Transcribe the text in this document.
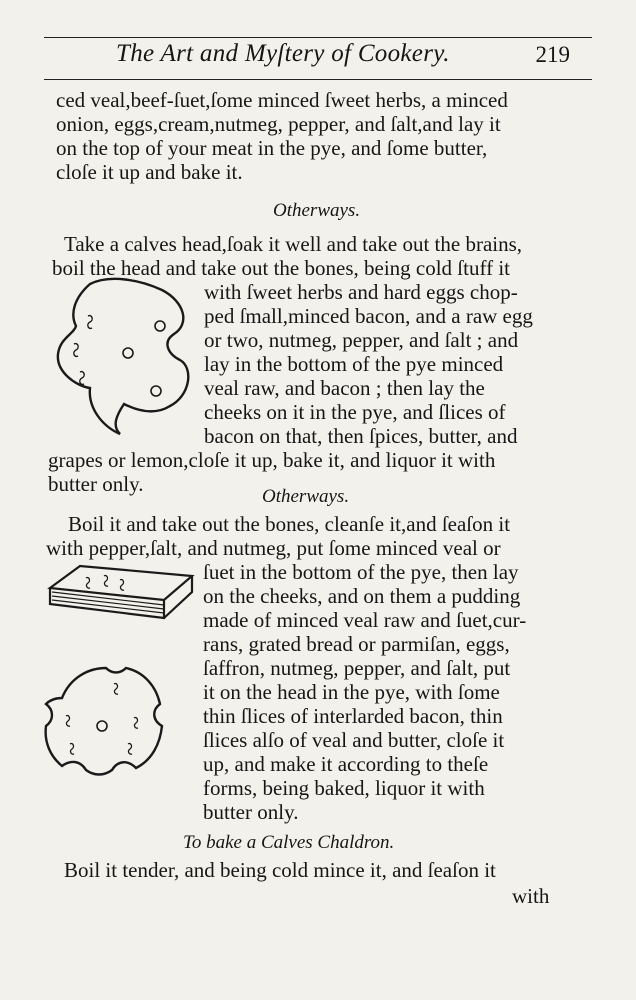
The Art and Myſtery of Cookery.	219
ced veal,beef-ſuet,ſome minced ſweet herbs, a minced
onion, eggs,cream,nutmeg, pepper, and ſalt,and lay it
on the top of your meat in the pye, and ſome butter,
cloſe it up and bake it.
Otherways.
Take a calves head,ſoak it well and take out the brains,
boil the head and take out the bones, being cold ſtuff it
with ſweet herbs and hard eggs chop-
ped ſmall,minced bacon, and a raw egg
or two, nutmeg, pepper, and ſalt ; and
lay in the bottom of the pye minced
veal raw, and bacon ; then lay the
cheeks on it in the pye, and ſlices of
bacon on that, then ſpices, butter, and
grapes or lemon,cloſe it up, bake it, and liquor it with
butter only.
Otherways.
Boil it and take out the bones, cleanſe it,and ſeaſon it
with pepper,ſalt, and nutmeg, put ſome minced veal or
ſuet in the bottom of the pye, then lay
on the cheeks, and on them a pudding
made of minced veal raw and ſuet,cur-
rans, grated bread or parmiſan, eggs,
ſaffron, nutmeg, pepper, and ſalt, put
it on the head in the pye, with ſome
thin ſlices of interlarded bacon, thin
ſlices alſo of veal and butter, cloſe it
up, and make it according to theſe
forms, being baked, liquor it with
butter only.
To bake a Calves Chaldron.
Boil it tender, and being cold mince it, and ſeaſon it
with
